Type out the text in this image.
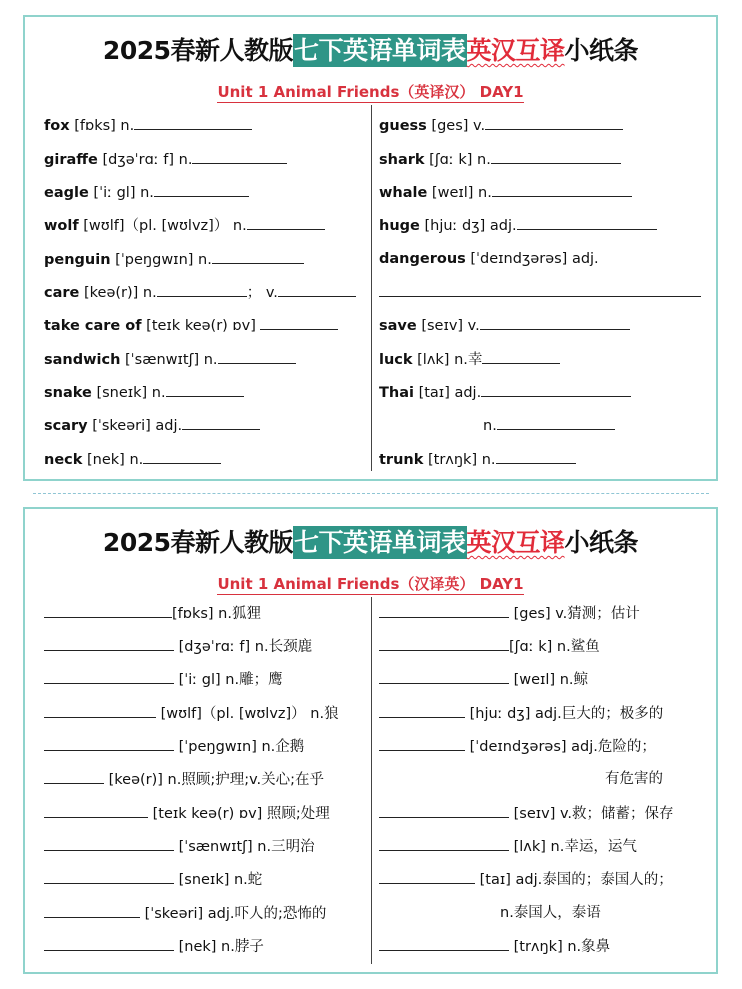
2025春新人教版七下英语单词表英汉互译小纸条
Unit 1 Animal Friends（英译汉） DAY1
fox [fɒks] n.
giraffe [dʒəˈrɑː f] n.
eagle [ˈiː gl] n.
wolf [wʊlf]（pl. [wʊlvz]） n.
penguin [ˈpeŋgwɪn] n.
care [keə(r)] n.	； v.
take care of [teɪk keə(r) ɒv]
sandwich [ˈsænwɪtʃ] n.
snake [sneɪk] n.
scary [ˈskeəri] adj.
neck [nek] n.
guess [ges] v.
shark [ʃɑː k] n.
whale [weɪl] n.
huge [hjuː dʒ] adj.
dangerous [ˈdeɪndʒərəs] adj.
save [seɪv] v.
luck [lʌk] n.幸
Thai [taɪ] adj.
n.
trunk [trʌŋk] n.
2025春新人教版七下英语单词表英汉互译小纸条
Unit 1 Animal Friends（汉译英） DAY1
[fɒks] n.狐狸
[dʒəˈrɑː f] n.长颈鹿
[ˈiː gl] n.雕；鹰
[wʊlf]（pl. [wʊlvz]） n.狼
[ˈpeŋgwɪn] n.企鹅
[keə(r)] n.照顾;护理;v.关心;在乎
[teɪk keə(r) ɒv] 照顾;处理
[ˈsænwɪtʃ] n.三明治
[sneɪk] n.蛇
[ˈskeəri] adj.吓人的;恐怖的
[nek] n.脖子
[ges] v.猜测；估计
[ʃɑː k] n.鲨鱼
[weɪl] n.鲸
[hjuː dʒ] adj.巨大的；极多的
[ˈdeɪndʒərəs] adj.危险的；
有危害的
[seɪv] v.救；储蓄；保存
[lʌk] n.幸运，运气
[taɪ] adj.泰国的；泰国人的；
n.泰国人，泰语
[trʌŋk] n.象鼻
